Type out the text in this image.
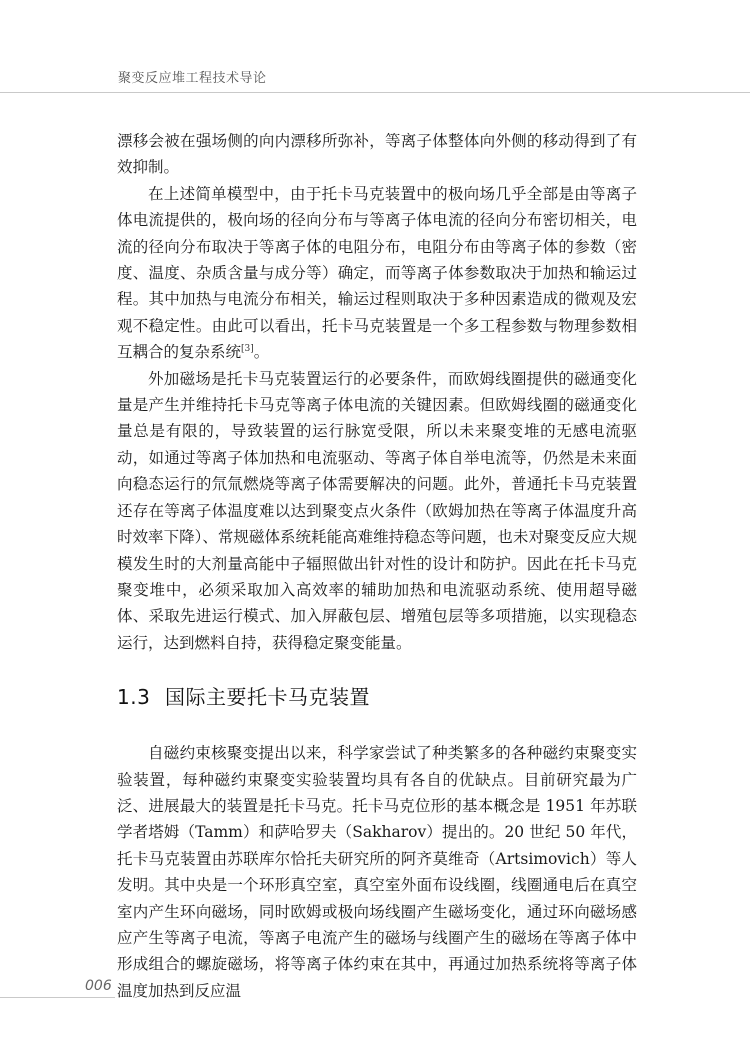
聚变反应堆工程技术导论

漂移会被在强场侧的向内漂移所弥补，等离子体整体向外侧的移动得到了有效抑制。

在上述简单模型中，由于托卡马克装置中的极向场几乎全部是由等离子体电流提供的，极向场的径向分布与等离子体电流的径向分布密切相关，电流的径向分布取决于等离子体的电阻分布，电阻分布由等离子体的参数（密度、温度、杂质含量与成分等）确定，而等离子体参数取决于加热和输运过程。其中加热与电流分布相关，输运过程则取决于多种因素造成的微观及宏观不稳定性。由此可以看出，托卡马克装置是一个多工程参数与物理参数相互耦合的复杂系统[3]。

外加磁场是托卡马克装置运行的必要条件，而欧姆线圈提供的磁通变化量是产生并维持托卡马克等离子体电流的关键因素。但欧姆线圈的磁通变化量总是有限的，导致装置的运行脉宽受限，所以未来聚变堆的无感电流驱动，如通过等离子体加热和电流驱动、等离子体自举电流等，仍然是未来面向稳态运行的氘氚燃烧等离子体需要解决的问题。此外，普通托卡马克装置还存在等离子体温度难以达到聚变点火条件（欧姆加热在等离子体温度升高时效率下降）、常规磁体系统耗能高难维持稳态等问题，也未对聚变反应大规模发生时的大剂量高能中子辐照做出针对性的设计和防护。因此在托卡马克聚变堆中，必须采取加入高效率的辅助加热和电流驱动系统、使用超导磁体、采取先进运行模式、加入屏蔽包层、增殖包层等多项措施，以实现稳态运行，达到燃料自持，获得稳定聚变能量。

1.3 国际主要托卡马克装置

自磁约束核聚变提出以来，科学家尝试了种类繁多的各种磁约束聚变实验装置，每种磁约束聚变实验装置均具有各自的优缺点。目前研究最为广泛、进展最大的装置是托卡马克。托卡马克位形的基本概念是 1951 年苏联学者塔姆（Tamm）和萨哈罗夫（Sakharov）提出的。20 世纪 50 年代，托卡马克装置由苏联库尔恰托夫研究所的阿齐莫维奇（Artsimovich）等人发明。其中央是一个环形真空室，真空室外面布设线圈，线圈通电后在真空室内产生环向磁场，同时欧姆或极向场线圈产生磁场变化，通过环向磁场感应产生等离子电流，等离子电流产生的磁场与线圈产生的磁场在等离子体中形成组合的螺旋磁场，将等离子体约束在其中，再通过加热系统将等离子体温度加热到反应温

006
